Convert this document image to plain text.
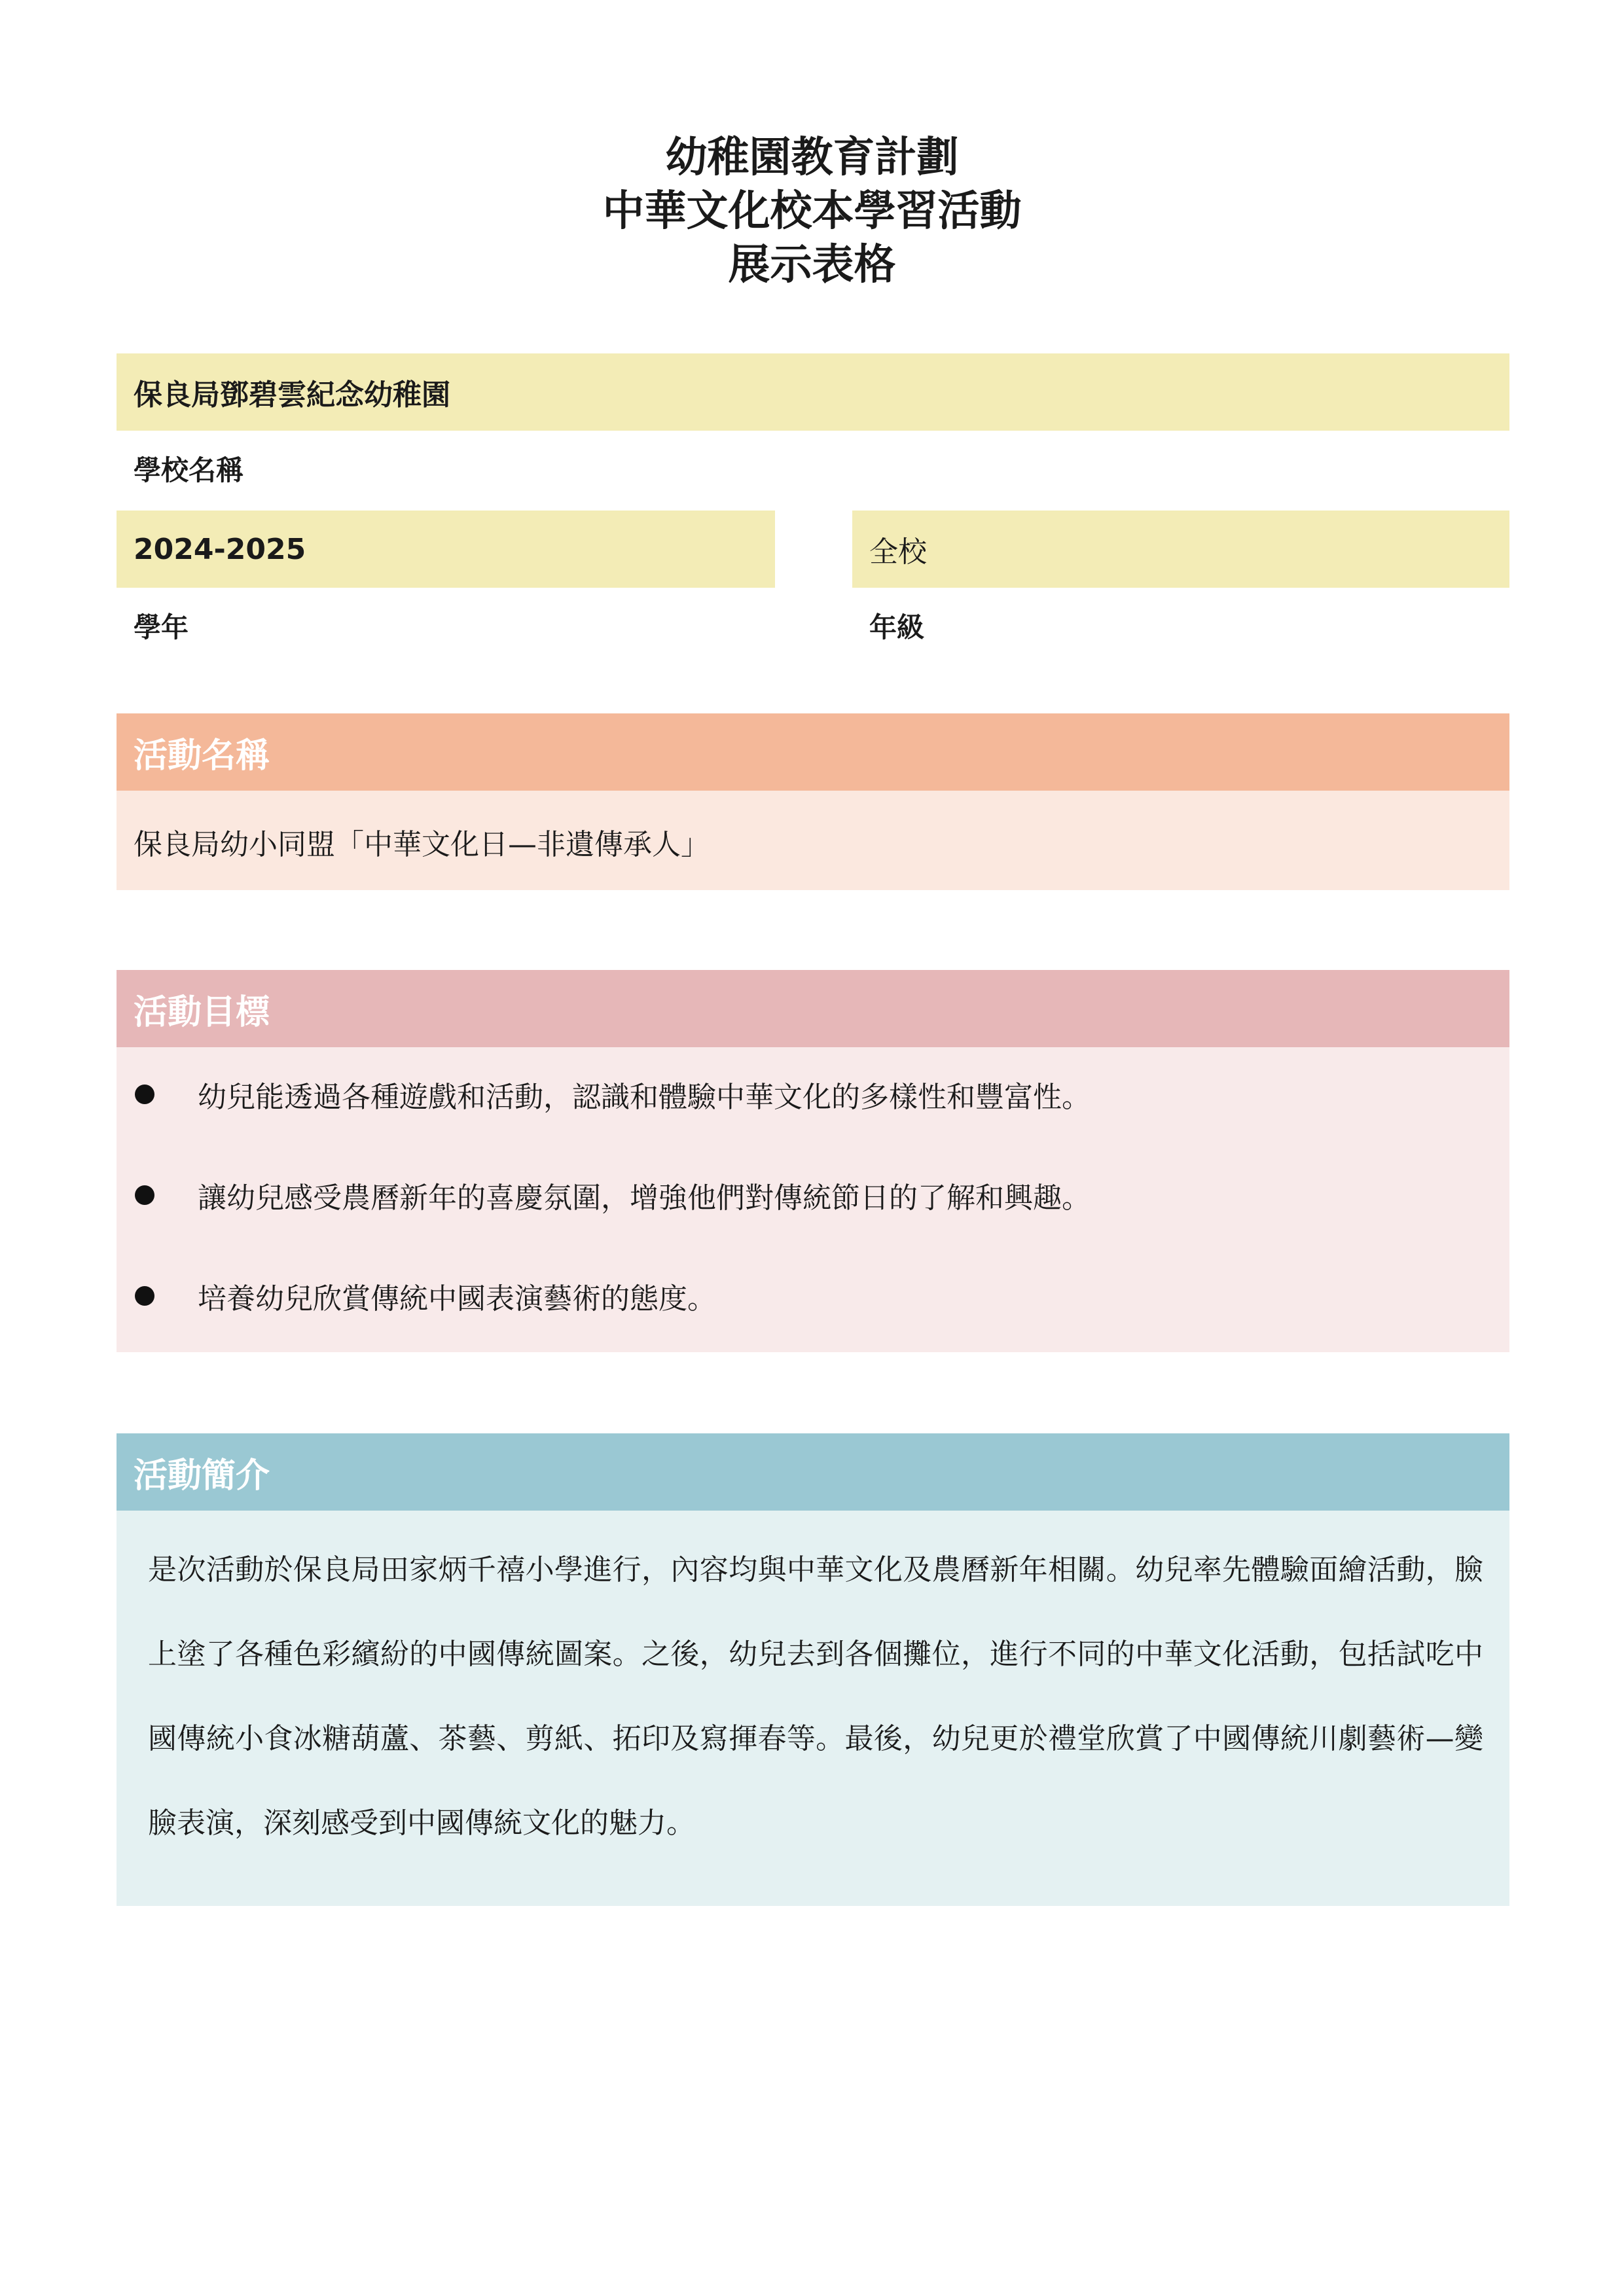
幼稚園教育計劃

中華文化校本學習活動

展示表格

保良局鄧碧雲紀念幼稚園
學校名稱
2024-2025
學年
全校
年級
活動名稱
保良局幼小同盟「中華文化日—非遺傳承人」
活動目標
幼兒能透過各種遊戲和活動，認識和體驗中華文化的多樣性和豐富性。
讓幼兒感受農曆新年的喜慶氛圍，增強他們對傳統節日的了解和興趣。
培養幼兒欣賞傳統中國表演藝術的態度。
活動簡介

是次活動於保良局田家炳千禧小學進行，內容均與中華文化及農曆新年相關。幼兒率先體驗面繪活動，臉上塗了各種色彩繽紛的中國傳統圖案。之後，幼兒去到各個攤位，進行不同的中華文化活動，包括試吃中國傳統小食冰糖葫蘆、茶藝、剪紙、拓印及寫揮春等。最後，幼兒更於禮堂欣賞了中國傳統川劇藝術—變臉表演，深刻感受到中國傳統文化的魅力。
